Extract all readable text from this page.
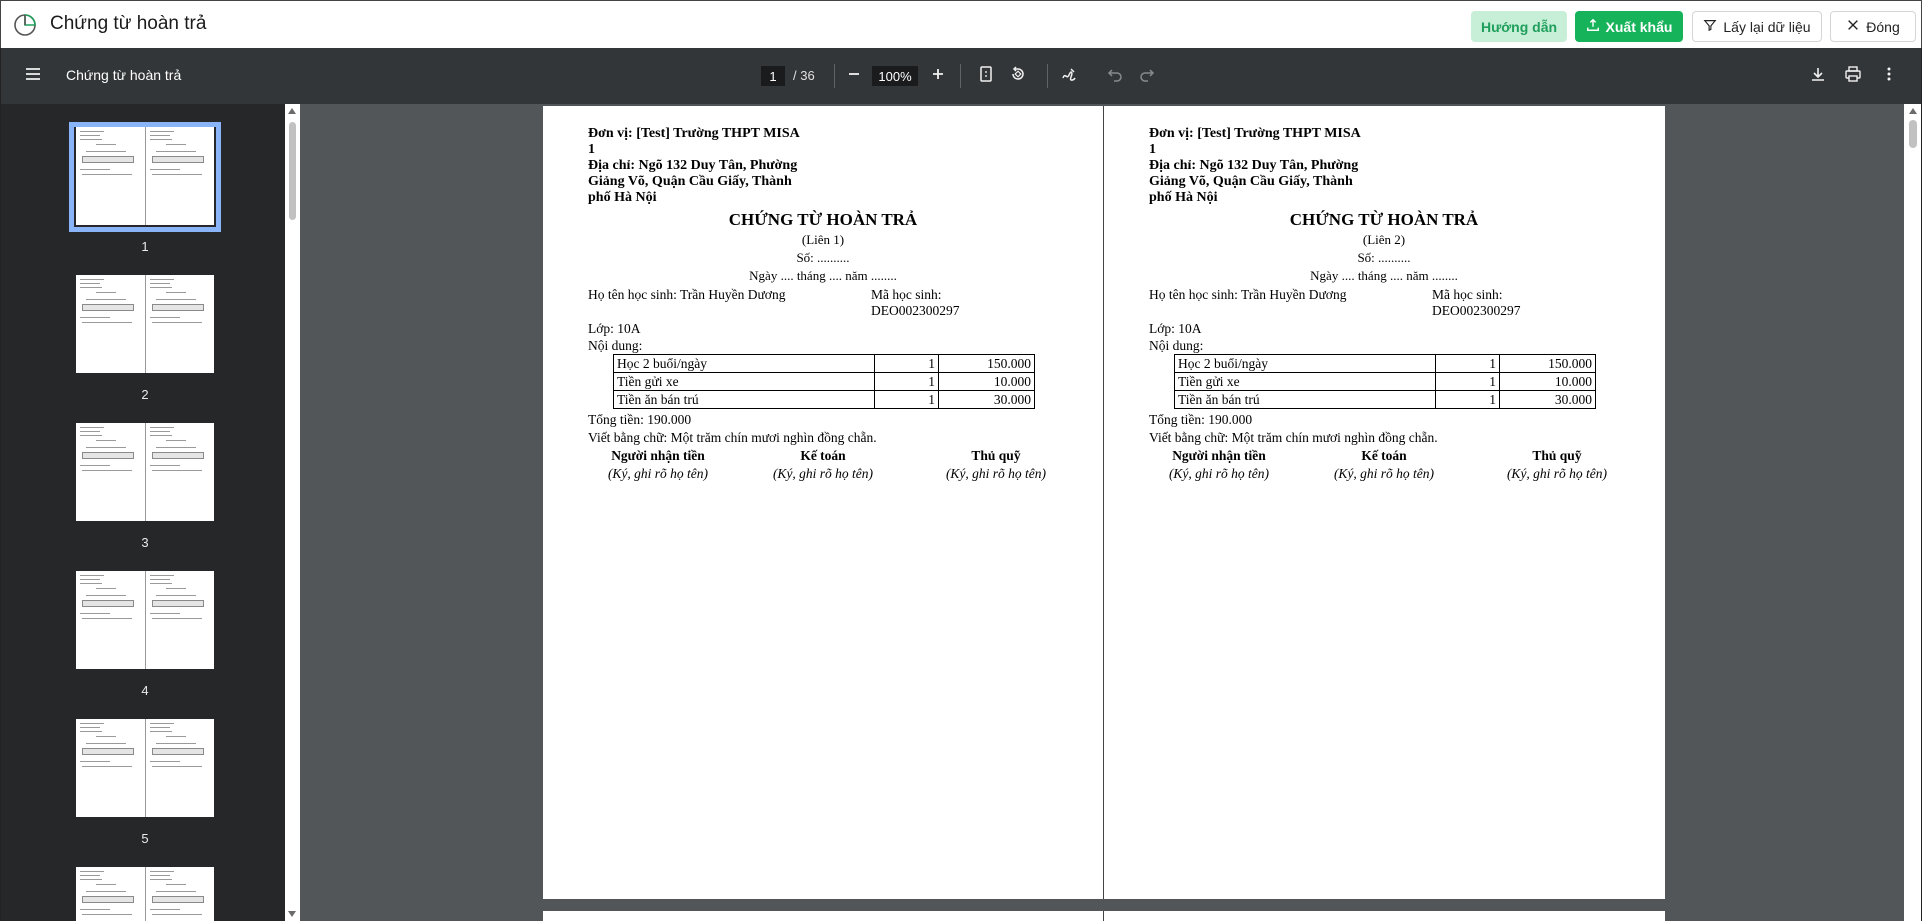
Chứng từ hoàn trả	Hướng dẫn	Xuất khẩu	Lấy lại dữ liệu	Đóng
Chứng từ hoàn trả	1	/ 36	100%
1
2
3
4
5
Đơn vị: [Test] Trường THPT MISA
1
Địa chỉ: Ngõ 132 Duy Tân, Phường
Giảng Võ, Quận Cầu Giấy, Thành
phố Hà Nội
CHỨNG TỪ HOÀN TRẢ
(Liên 1)
Số: ..........
Ngày .... tháng .... năm ........
Họ tên học sinh: Trần Huyền Dương	Mã học sinh:
DEO002300297
Lớp: 10A
Nội dung:
Học 2 buổi/ngày	1	150.000
Tiền gửi xe	1	10.000
Tiền ăn bán trú	1	30.000
Tổng tiền: 190.000
Viết bằng chữ: Một trăm chín mươi nghìn đồng chẵn.
Người nhận tiền
(Ký, ghi rõ họ tên)
Kế toán
(Ký, ghi rõ họ tên)
Thủ quỹ
(Ký, ghi rõ họ tên)
Đơn vị: [Test] Trường THPT MISA
1
Địa chỉ: Ngõ 132 Duy Tân, Phường
Giảng Võ, Quận Cầu Giấy, Thành
phố Hà Nội
CHỨNG TỪ HOÀN TRẢ
(Liên 2)
Số: ..........
Ngày .... tháng .... năm ........
Họ tên học sinh: Trần Huyền Dương	Mã học sinh:
DEO002300297
Lớp: 10A
Nội dung:
Học 2 buổi/ngày	1	150.000
Tiền gửi xe	1	10.000
Tiền ăn bán trú	1	30.000
Tổng tiền: 190.000
Viết bằng chữ: Một trăm chín mươi nghìn đồng chẵn.
Người nhận tiền
(Ký, ghi rõ họ tên)
Kế toán
(Ký, ghi rõ họ tên)
Thủ quỹ
(Ký, ghi rõ họ tên)
